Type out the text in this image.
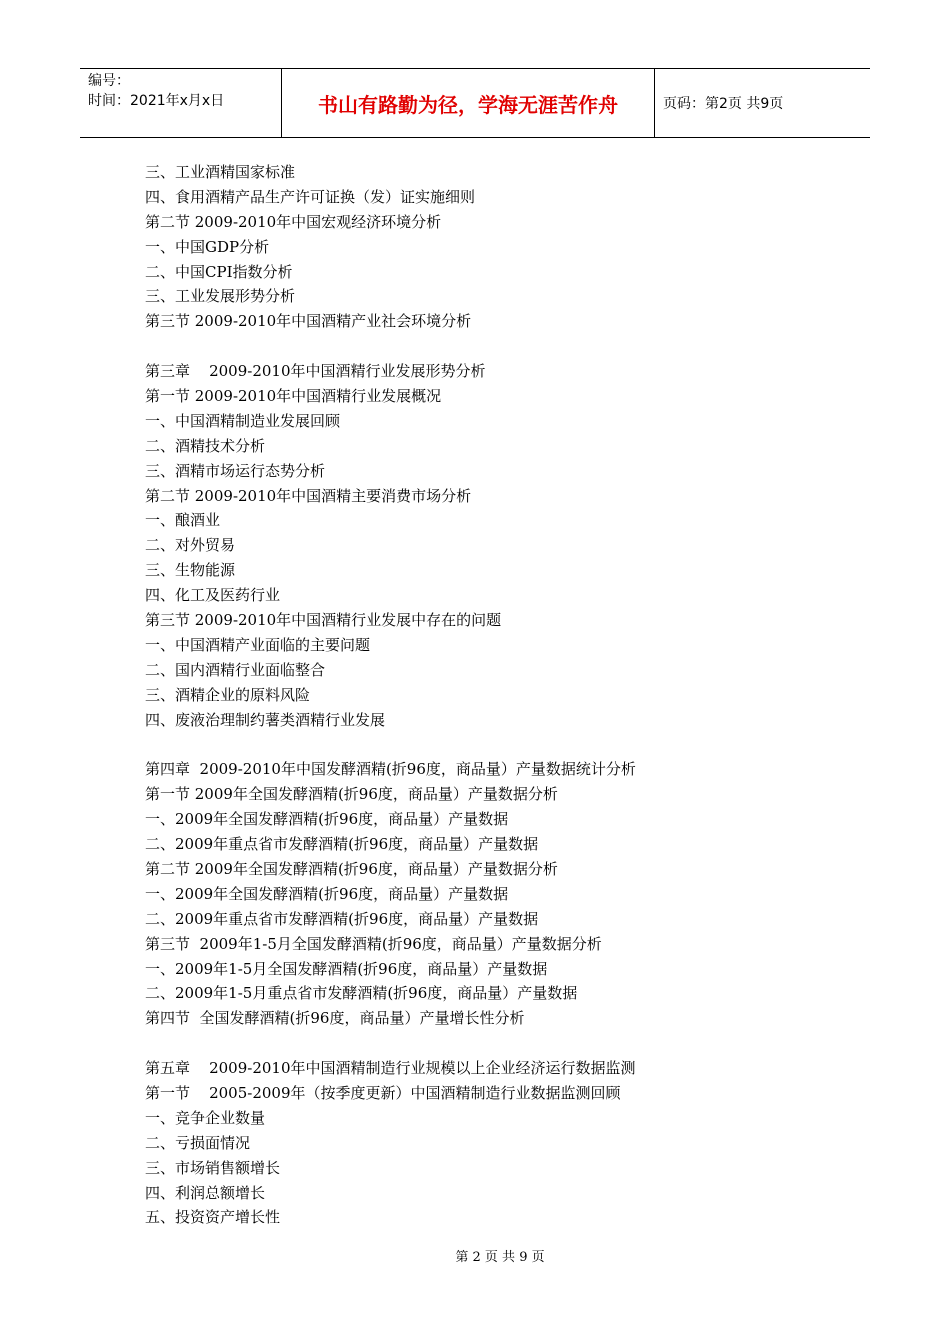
编号：
时间：2021年x月x日	书山有路勤为径，学海无涯苦作舟	页码：第2页 共9页
三、工业酒精国家标准
四、食用酒精产品生产许可证换（发）证实施细则
第二节 2009-2010年中国宏观经济环境分析
一、中国GDP分析
二、中国CPI指数分析
三、工业发展形势分析
第三节 2009-2010年中国酒精产业社会环境分析
第三章    2009-2010年中国酒精行业发展形势分析
第一节 2009-2010年中国酒精行业发展概况
一、中国酒精制造业发展回顾
二、酒精技术分析
三、酒精市场运行态势分析
第二节 2009-2010年中国酒精主要消费市场分析
一、酿酒业
二、对外贸易
三、生物能源
四、化工及医药行业
第三节 2009-2010年中国酒精行业发展中存在的问题
一、中国酒精产业面临的主要问题
二、国内酒精行业面临整合
三、酒精企业的原料风险
四、废液治理制约薯类酒精行业发展
第四章  2009-2010年中国发酵酒精(折96度，商品量）产量数据统计分析
第一节 2009年全国发酵酒精(折96度，商品量）产量数据分析
一、2009年全国发酵酒精(折96度，商品量）产量数据
二、2009年重点省市发酵酒精(折96度，商品量）产量数据
第二节 2009年全国发酵酒精(折96度，商品量）产量数据分析
一、2009年全国发酵酒精(折96度，商品量）产量数据
二、2009年重点省市发酵酒精(折96度，商品量）产量数据
第三节  2009年1-5月全国发酵酒精(折96度，商品量）产量数据分析
一、2009年1-5月全国发酵酒精(折96度，商品量）产量数据
二、2009年1-5月重点省市发酵酒精(折96度，商品量）产量数据
第四节  全国发酵酒精(折96度，商品量）产量增长性分析
第五章    2009-2010年中国酒精制造行业规模以上企业经济运行数据监测
第一节    2005-2009年（按季度更新）中国酒精制造行业数据监测回顾
一、竞争企业数量
二、亏损面情况
三、市场销售额增长
四、利润总额增长
五、投资资产增长性
第 2 页 共 9 页
